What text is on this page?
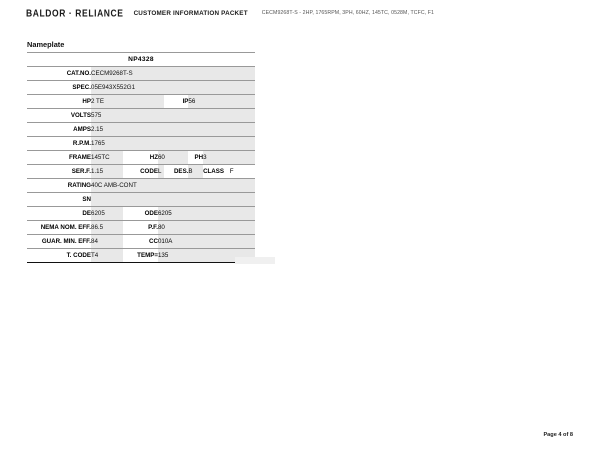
BALDOR · RELIANCE CUSTOMER INFORMATION PACKET	CECM9268T-S - 2HP, 1765RPM, 3PH, 60HZ, 145TC, 0528M, TCFC, F1
Nameplate
NP4328						
CAT.NO.	CECM9268T-S					
SPEC.	05E943X552G1					
HP	2 TE			IP	56	
VOLTS	575					
AMPS	2.15					
R.P.M.	1765					
FRAME	145TC	HZ	60		PH	3
SER.F.	1.15	CODE	L	DES.	B	CLASS F
RATING	40C AMB-CONT					
SN						
DE	6205	ODE	6205			
NEMA NOM. EFF.	86.5	P.F.	80			
GUAR. MIN. EFF.	84	CC	010A			
T. CODE	T4	TEMP=	135			
Page 4 of 8
